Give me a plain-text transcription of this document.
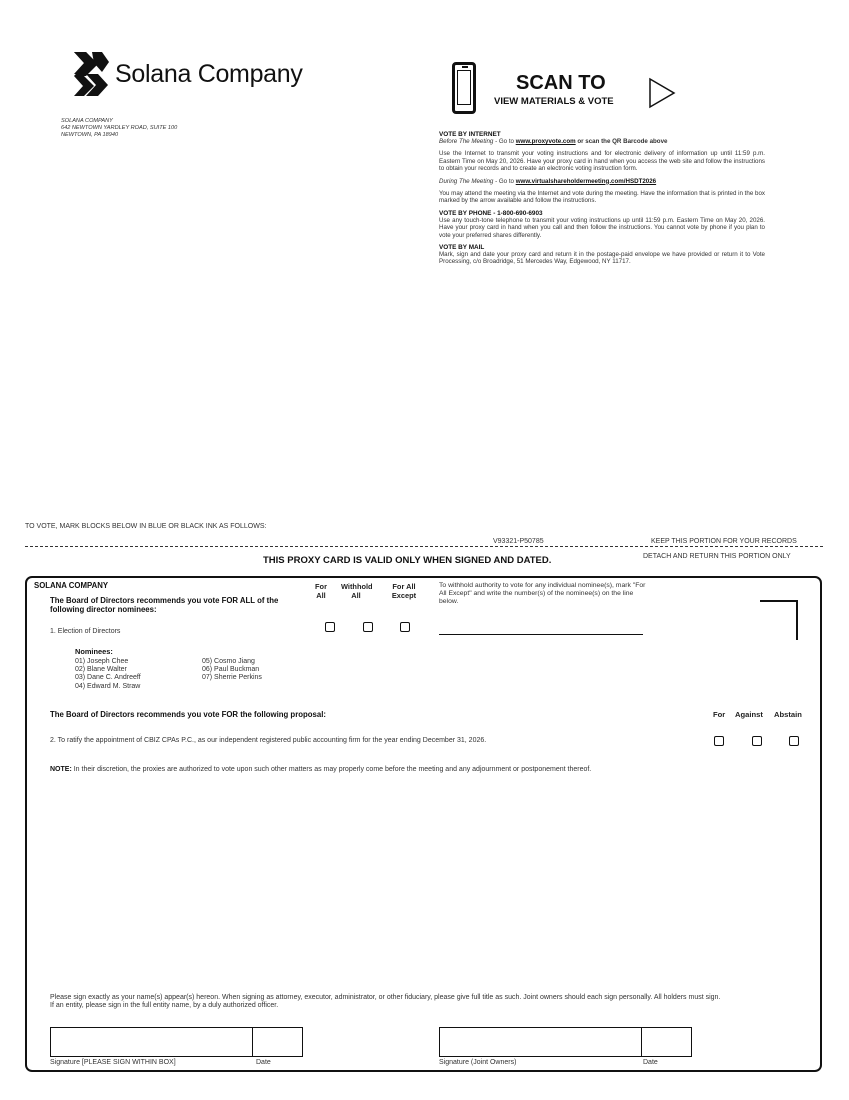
Solana Company
SOLANA COMPANY
642 NEWTOWN YARDLEY ROAD, SUITE 100
NEWTOWN, PA 18940
SCAN TO
VIEW MATERIALS & VOTE
VOTE BY INTERNET
Before The Meeting - Go to www.proxyvote.com or scan the QR Barcode above
Use the Internet to transmit your voting instructions and for electronic delivery of information up until 11:59 p.m. Eastern Time on May 20, 2026. Have your proxy card in hand when you access the web site and follow the instructions to obtain your records and to create an electronic voting instruction form.
During The Meeting - Go to www.virtualshareholdermeeting.com/HSDT2026
You may attend the meeting via the Internet and vote during the meeting. Have the information that is printed in the box marked by the arrow available and follow the instructions.
VOTE BY PHONE - 1-800-690-6903
Use any touch-tone telephone to transmit your voting instructions up until 11:59 p.m. Eastern Time on May 20, 2026. Have your proxy card in hand when you call and then follow the instructions. You cannot vote by phone if you plan to vote your preferred shares differently.
VOTE BY MAIL
Mark, sign and date your proxy card and return it in the postage-paid envelope we have provided or return it to Vote Processing, c/o Broadridge, 51 Mercedes Way, Edgewood, NY 11717.
TO VOTE, MARK BLOCKS BELOW IN BLUE OR BLACK INK AS FOLLOWS:
V93321-P50785	KEEP THIS PORTION FOR YOUR RECORDS
THIS PROXY CARD IS VALID ONLY WHEN SIGNED AND DATED.	DETACH AND RETURN THIS PORTION ONLY
SOLANA COMPANY
The Board of Directors recommends you vote FOR ALL of the following director nominees:
For All
Withhold All
For All Except
To withhold authority to vote for any individual nominee(s), mark "For All Except" and write the number(s) of the nominee(s) on the line below.
1. Election of Directors
Nominees:
01) Joseph Chee
02) Blane Walter
03) Dane C. Andreeff
04) Edward M. Straw
05) Cosmo Jiang
06) Paul Buckman
07) Sherrie Perkins
The Board of Directors recommends you vote FOR the following proposal:	For Against Abstain
2. To ratify the appointment of CBIZ CPAs P.C., as our independent registered public accounting firm for the year ending December 31, 2026.
NOTE: In their discretion, the proxies are authorized to vote upon such other matters as may properly come before the meeting and any adjournment or postponement thereof.
Please sign exactly as your name(s) appear(s) hereon. When signing as attorney, executor, administrator, or other fiduciary, please give full title as such. Joint owners should each sign personally. All holders must sign. If an entity, please sign in the full entity name, by a duly authorized officer.
Signature [PLEASE SIGN WITHIN BOX]	Date	Signature (Joint Owners)	Date
